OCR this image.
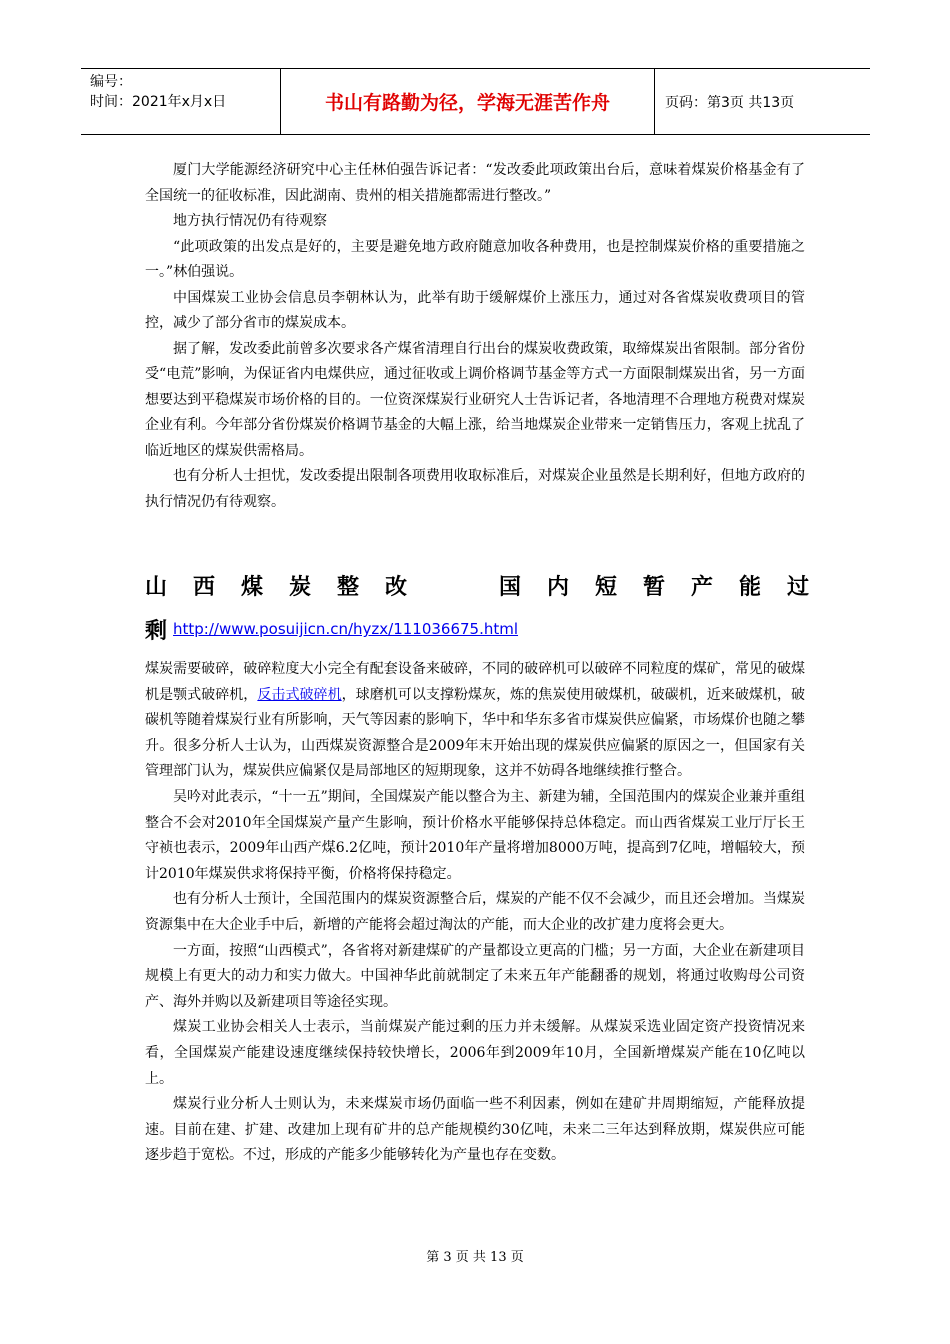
编号：
时间：2021年x月x日	书山有路勤为径，学海无涯苦作舟	页码：第3页 共13页

厦门大学能源经济研究中心主任林伯强告诉记者：“发改委此项政策出台后，意味着煤炭价格基金有了全国统一的征收标准，因此湖南、贵州的相关措施都需进行整改。”

地方执行情况仍有待观察

“此项政策的出发点是好的，主要是避免地方政府随意加收各种费用，也是控制煤炭价格的重要措施之一。”林伯强说。

中国煤炭工业协会信息员李朝林认为，此举有助于缓解煤价上涨压力，通过对各省煤炭收费项目的管控，减少了部分省市的煤炭成本。

据了解，发改委此前曾多次要求各产煤省清理自行出台的煤炭收费政策，取缔煤炭出省限制。部分省份受“电荒”影响，为保证省内电煤供应，通过征收或上调价格调节基金等方式一方面限制煤炭出省，另一方面想要达到平稳煤炭市场价格的目的。一位资深煤炭行业研究人士告诉记者，各地清理不合理地方税费对煤炭企业有利。今年部分省份煤炭价格调节基金的大幅上涨，给当地煤炭企业带来一定销售压力，客观上扰乱了临近地区的煤炭供需格局。

也有分析人士担忧，发改委提出限制各项费用收取标准后，对煤炭企业虽然是长期利好，但地方政府的执行情况仍有待观察。

山 西 煤 炭 整 改	国 内 短 暂 产 能 过
剩 http://www.posuijicn.cn/hyzx/111036675.html

煤炭需要破碎，破碎粒度大小完全有配套设备来破碎，不同的破碎机可以破碎不同粒度的煤矿，常见的破煤机是颚式破碎机，反击式破碎机，球磨机可以支撑粉煤灰，炼的焦炭使用破煤机，破碳机，近来破煤机，破碳机等随着煤炭行业有所影响，天气等因素的影响下，华中和华东多省市煤炭供应偏紧，市场煤价也随之攀升。很多分析人士认为，山西煤炭资源整合是2009年末开始出现的煤炭供应偏紧的原因之一，但国家有关管理部门认为，煤炭供应偏紧仅是局部地区的短期现象，这并不妨碍各地继续推行整合。

吴吟对此表示，“十一五”期间，全国煤炭产能以整合为主、新建为辅，全国范围内的煤炭企业兼并重组整合不会对2010年全国煤炭产量产生影响，预计价格水平能够保持总体稳定。而山西省煤炭工业厅厅长王守祯也表示，2009年山西产煤6.2亿吨，预计2010年产量将增加8000万吨，提高到7亿吨，增幅较大，预计2010年煤炭供求将保持平衡，价格将保持稳定。

也有分析人士预计，全国范围内的煤炭资源整合后，煤炭的产能不仅不会减少，而且还会增加。当煤炭资源集中在大企业手中后，新增的产能将会超过淘汰的产能，而大企业的改扩建力度将会更大。

一方面，按照“山西模式”，各省将对新建煤矿的产量都设立更高的门槛；另一方面，大企业在新建项目规模上有更大的动力和实力做大。中国神华此前就制定了未来五年产能翻番的规划，将通过收购母公司资产、海外并购以及新建项目等途径实现。

煤炭工业协会相关人士表示，当前煤炭产能过剩的压力并未缓解。从煤炭采选业固定资产投资情况来看，全国煤炭产能建设速度继续保持较快增长，2006年到2009年10月，全国新增煤炭产能在10亿吨以上。

煤炭行业分析人士则认为，未来煤炭市场仍面临一些不利因素，例如在建矿井周期缩短，产能释放提速。目前在建、扩建、改建加上现有矿井的总产能规模约30亿吨，未来二三年达到释放期，煤炭供应可能逐步趋于宽松。不过，形成的产能多少能够转化为产量也存在变数。

第 3 页 共 13 页
